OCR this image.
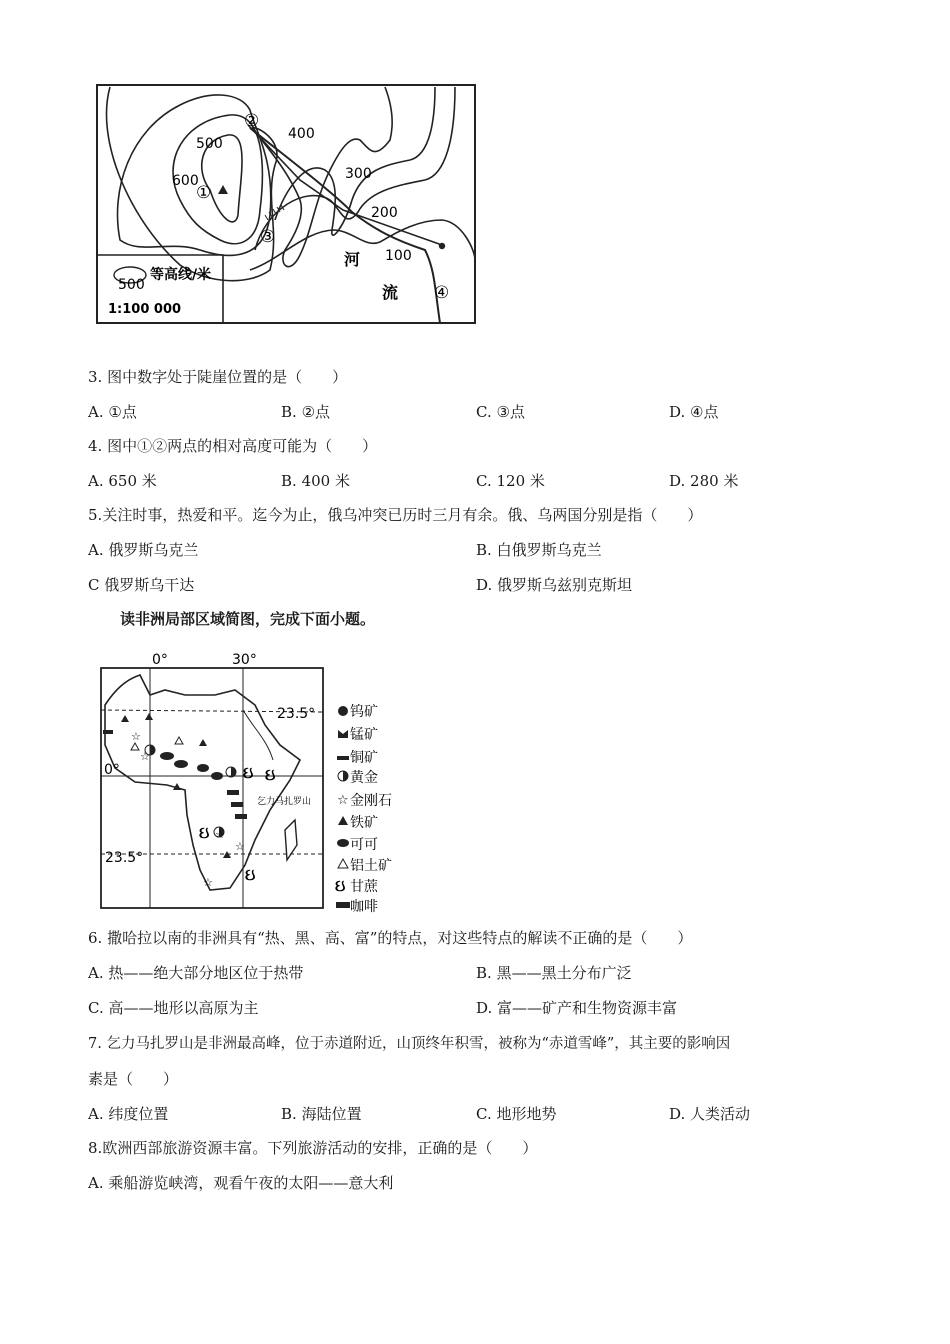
500
600
①
②
400
300
200
③
河 100
流 ④
500
等高线/米
1:100 000
3. 图中数字处于陡崖位置的是（　　）
A. ①点	B. ②点	C. ③点	D. ④点
4. 图中①②两点的相对高度可能为（　　）
A. 650 米	B. 400 米	C. 120 米	D. 280 米
5.关注时事，热爱和平。迄今为止，俄乌冲突已历时三月有余。俄、乌两国分别是指（　　）
A. 俄罗斯乌克兰	B. 白俄罗斯乌克兰
C 俄罗斯乌干达	D. 俄罗斯乌兹别克斯坦
读非洲局部区域简图，完成下面小题。
☆
☆
☆
☆
☆
ઇ
ઇ
ઇ
ઇ
0°	30°
23.5°
0°
23.5°
乞力马扎罗山
钨矿
锰矿
铜矿
黄金
☆ 金刚石
铁矿
可可
铝土矿
ઇ 甘蔗
咖啡
6. 撒哈拉以南的非洲具有“热、黑、高、富”的特点，对这些特点的解读不正确的是（　　）
A. 热——绝大部分地区位于热带	B. 黑——黑土分布广泛
C. 高——地形以高原为主	D. 富——矿产和生物资源丰富
7. 乞力马扎罗山是非洲最高峰，位于赤道附近，山顶终年积雪，被称为“赤道雪峰”，其主要的影响因
素是（　　）
A. 纬度位置	B. 海陆位置	C. 地形地势	D. 人类活动
8.欧洲西部旅游资源丰富。下列旅游活动的安排，正确的是（　　）
A. 乘船游览峡湾，观看午夜的太阳——意大利
